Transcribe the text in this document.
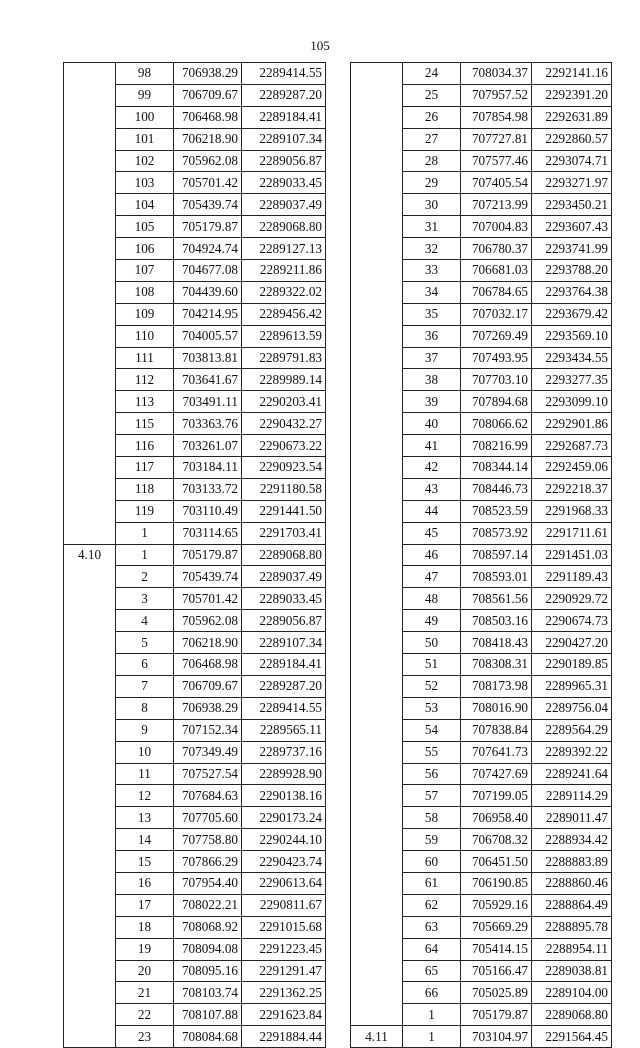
105
	98	706938.29	2289414.55
	99	706709.67	2289287.20
	100	706468.98	2289184.41
	101	706218.90	2289107.34
	102	705962.08	2289056.87
	103	705701.42	2289033.45
	104	705439.74	2289037.49
	105	705179.87	2289068.80
	106	704924.74	2289127.13
	107	704677.08	2289211.86
	108	704439.60	2289322.02
	109	704214.95	2289456.42
	110	704005.57	2289613.59
	111	703813.81	2289791.83
	112	703641.67	2289989.14
	113	703491.11	2290203.41
	115	703363.76	2290432.27
	116	703261.07	2290673.22
	117	703184.11	2290923.54
	118	703133.72	2291180.58
	119	703110.49	2291441.50
	1	703114.65	2291703.41
4.10	1	705179.87	2289068.80
	2	705439.74	2289037.49
	3	705701.42	2289033.45
	4	705962.08	2289056.87
	5	706218.90	2289107.34
	6	706468.98	2289184.41
	7	706709.67	2289287.20
	8	706938.29	2289414.55
	9	707152.34	2289565.11
	10	707349.49	2289737.16
	11	707527.54	2289928.90
	12	707684.63	2290138.16
	13	707705.60	2290173.24
	14	707758.80	2290244.10
	15	707866.29	2290423.74
	16	707954.40	2290613.64
	17	708022.21	2290811.67
	18	708068.92	2291015.68
	19	708094.08	2291223.45
	20	708095.16	2291291.47
	21	708103.74	2291362.25
	22	708107.88	2291623.84
	23	708084.68	2291884.44
	24	708034.37	2292141.16
	25	707957.52	2292391.20
	26	707854.98	2292631.89
	27	707727.81	2292860.57
	28	707577.46	2293074.71
	29	707405.54	2293271.97
	30	707213.99	2293450.21
	31	707004.83	2293607.43
	32	706780.37	2293741.99
	33	706681.03	2293788.20
	34	706784.65	2293764.38
	35	707032.17	2293679.42
	36	707269.49	2293569.10
	37	707493.95	2293434.55
	38	707703.10	2293277.35
	39	707894.68	2293099.10
	40	708066.62	2292901.86
	41	708216.99	2292687.73
	42	708344.14	2292459.06
	43	708446.73	2292218.37
	44	708523.59	2291968.33
	45	708573.92	2291711.61
	46	708597.14	2291451.03
	47	708593.01	2291189.43
	48	708561.56	2290929.72
	49	708503.16	2290674.73
	50	708418.43	2290427.20
	51	708308.31	2290189.85
	52	708173.98	2289965.31
	53	708016.90	2289756.04
	54	707838.84	2289564.29
	55	707641.73	2289392.22
	56	707427.69	2289241.64
	57	707199.05	2289114.29
	58	706958.40	2289011.47
	59	706708.32	2288934.42
	60	706451.50	2288883.89
	61	706190.85	2288860.46
	62	705929.16	2288864.49
	63	705669.29	2288895.78
	64	705414.15	2288954.11
	65	705166.47	2289038.81
	66	705025.89	2289104.00
	1	705179.87	2289068.80
4.11	1	703104.97	2291564.45
